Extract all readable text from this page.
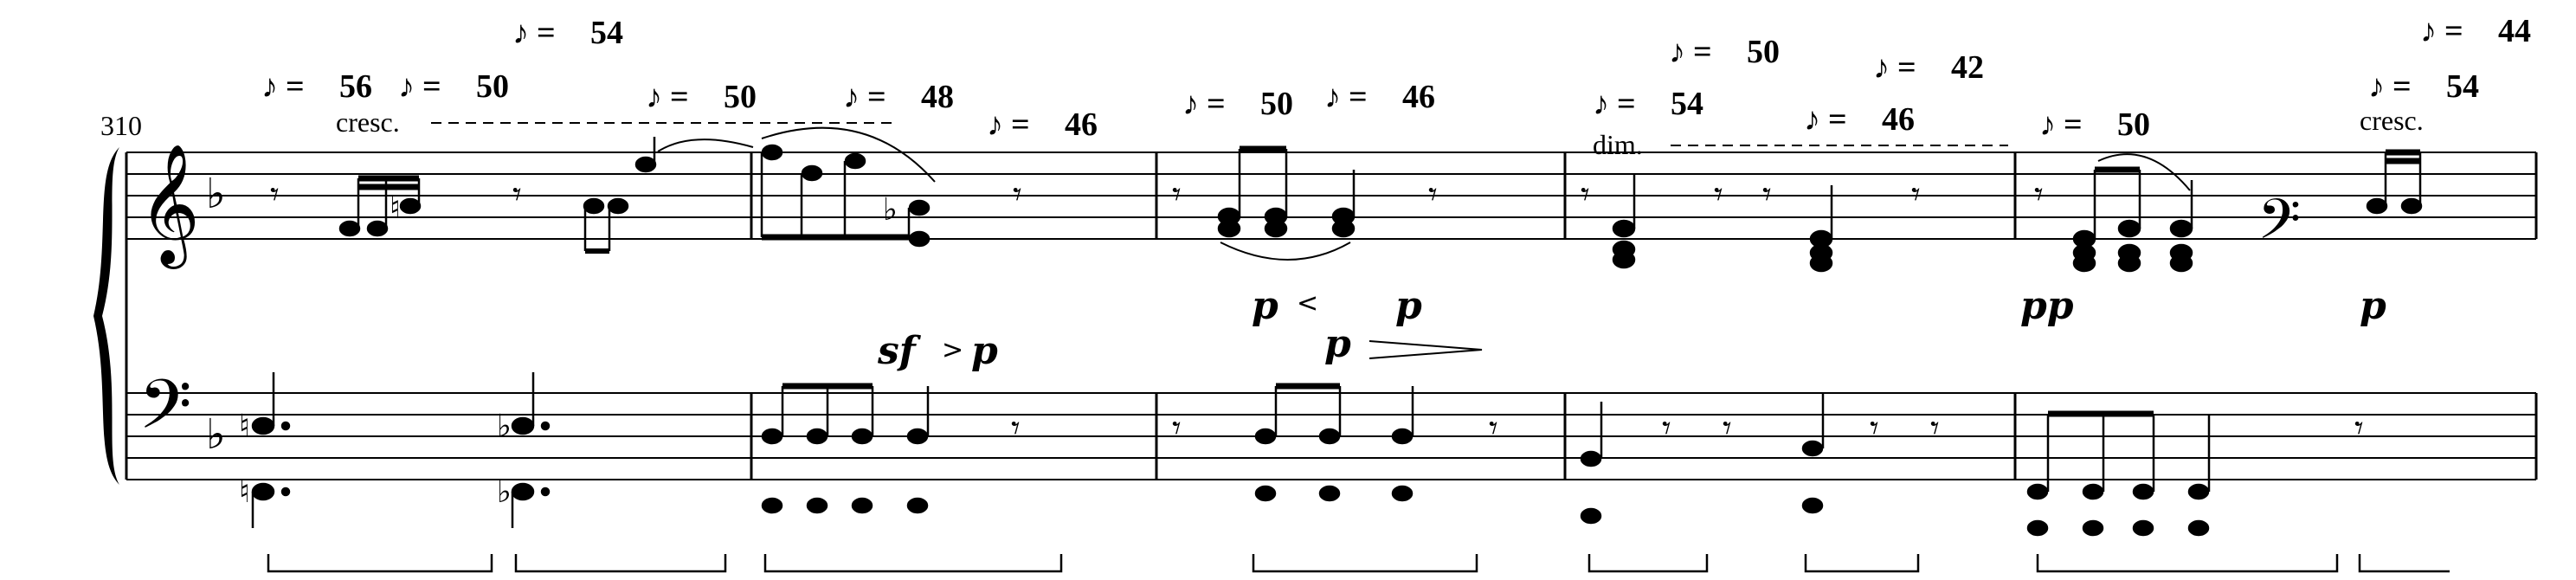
♪ = 56 ♪ = 50
♪ = 54
♪ = 50	♪ = 48
♪ = 46
♪ = 50 ♪ = 46
♪ = 50
♪ = 54
♪ = 42
♪ = 46	♪ = 50
♪ = 54
♪ = 44
cresc.
dim.
cresc.
310
𝄞
𝄢
𝄢
♭
♭
𝄾	♮	𝄾	♭	𝄾	𝄾	𝄾	𝄾	𝄾 𝄾	𝄾	𝄾
♮
♮
♭
♭
𝄾	𝄾	𝄾	𝄾 𝄾	𝄾 𝄾	𝄾
sf > p
p < p
p
pp	p
